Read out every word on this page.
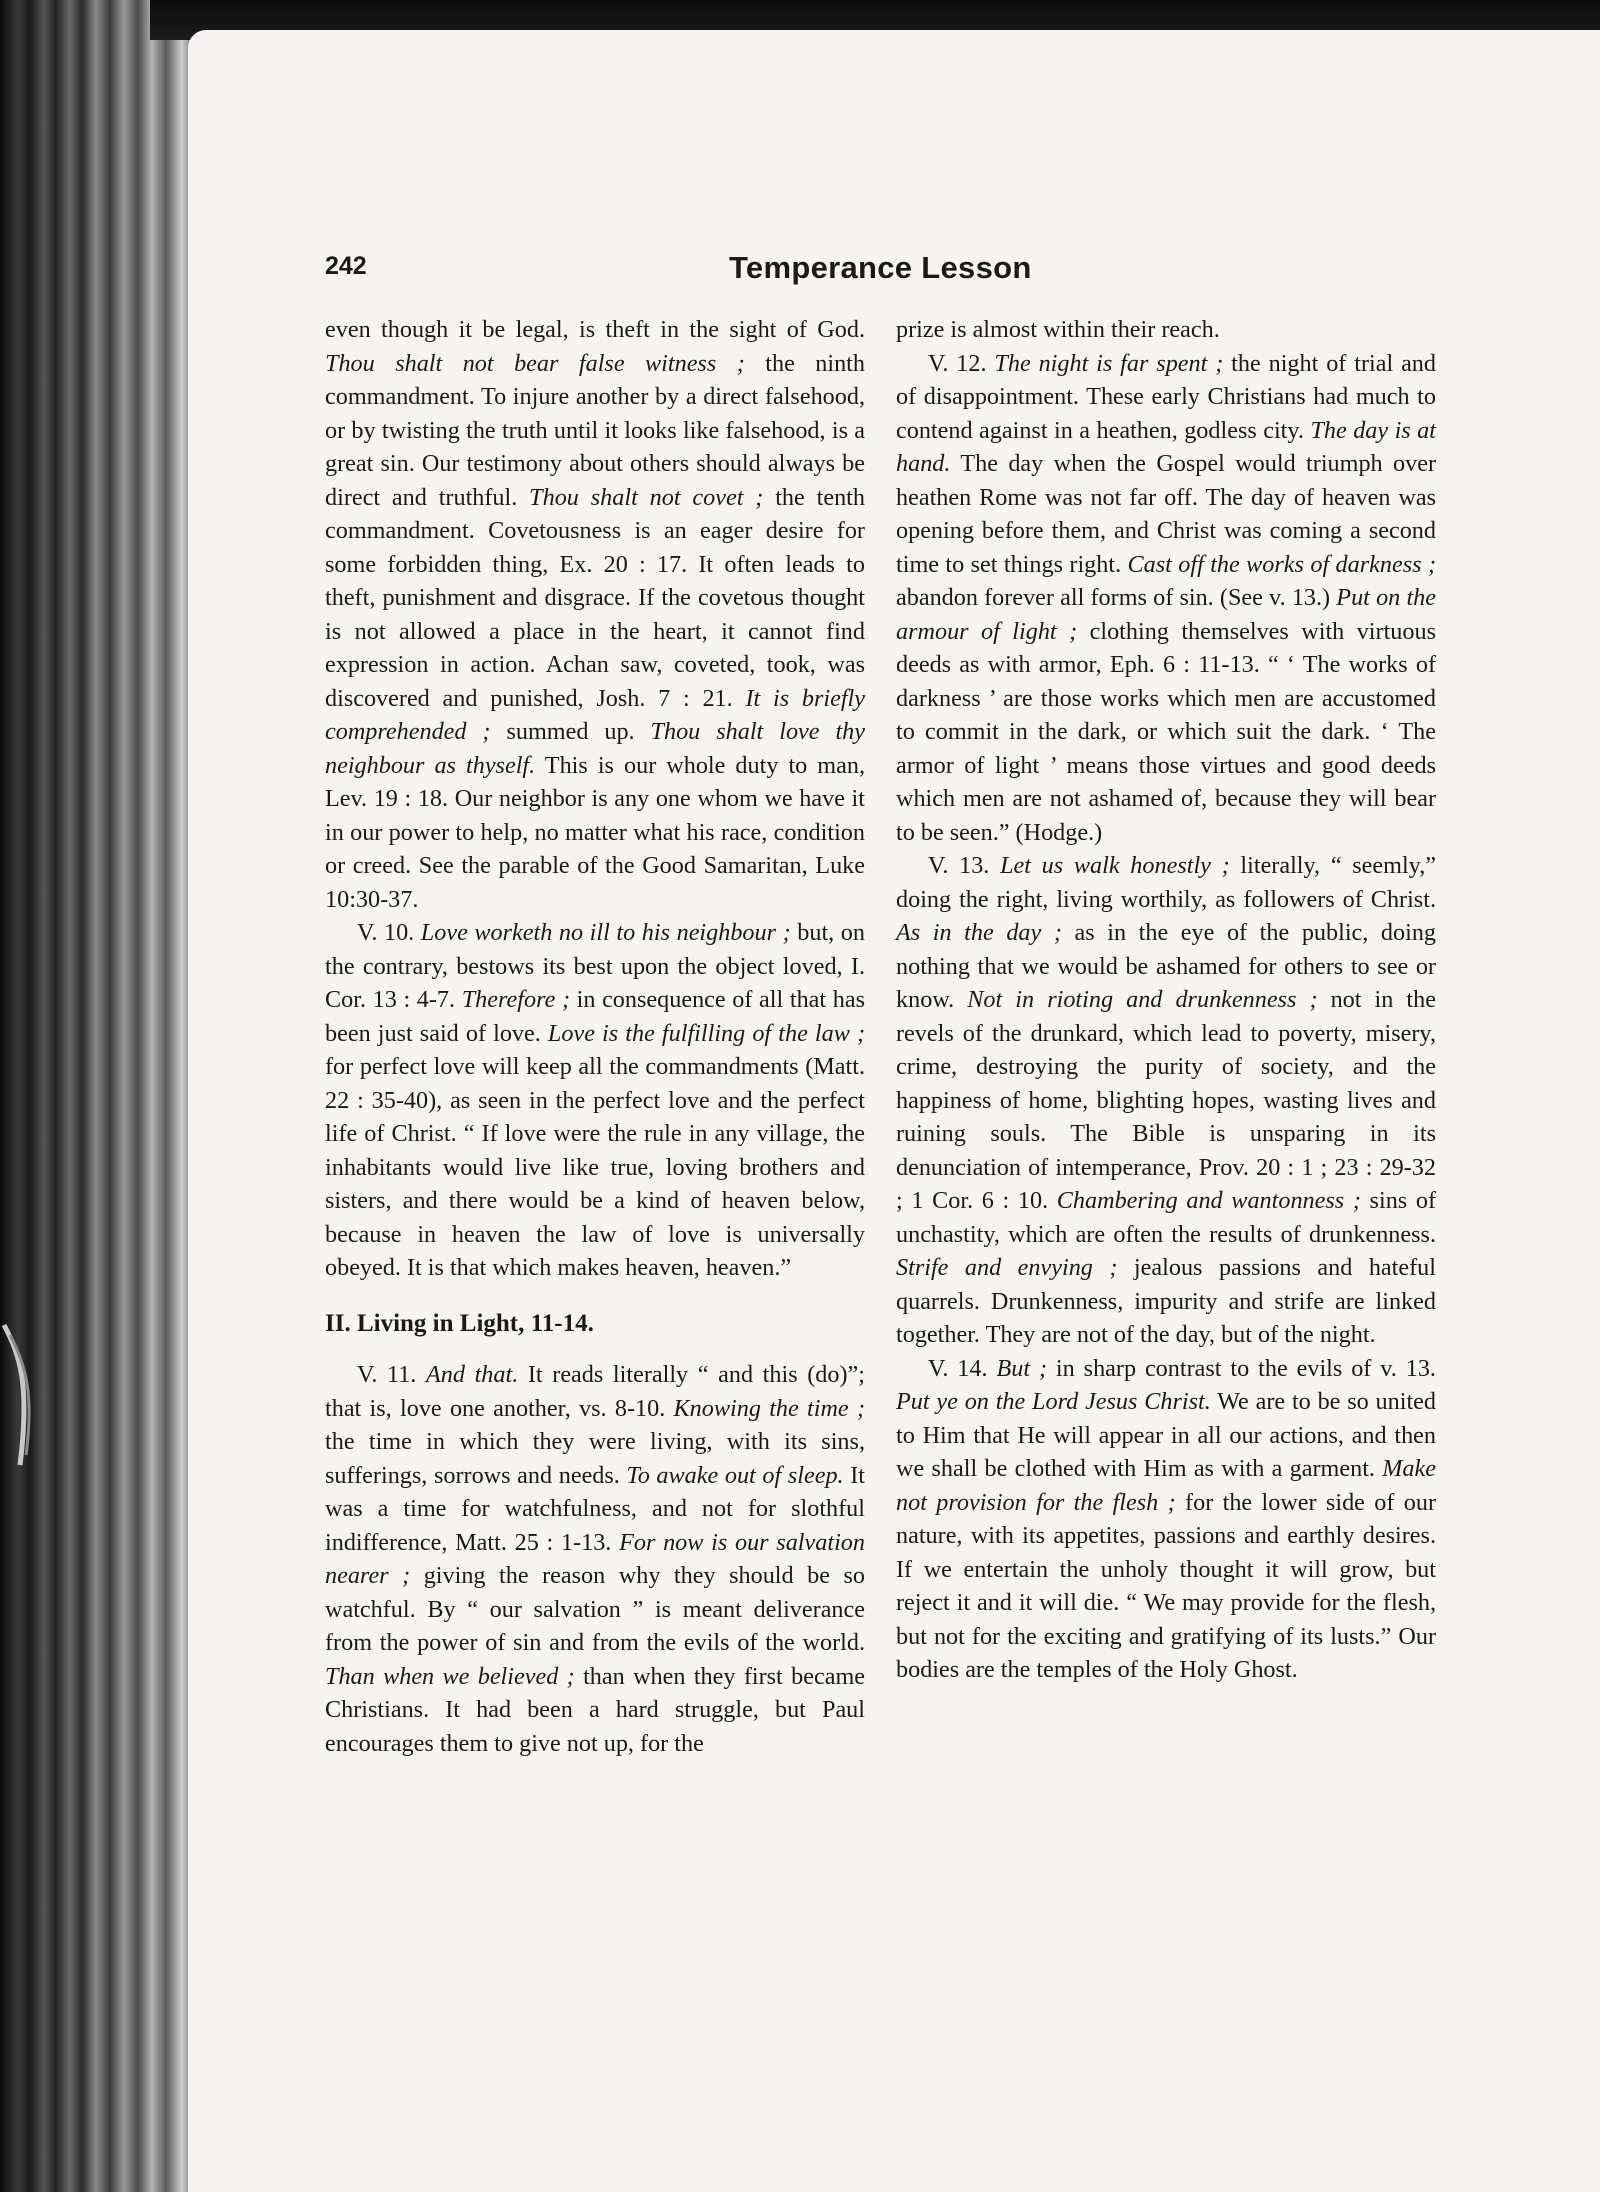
242	Temperance Lesson

even though it be legal, is theft in the sight of God. Thou shalt not bear false witness ; the ninth commandment. To injure another by a direct falsehood, or by twisting the truth until it looks like falsehood, is a great sin. Our testimony about others should always be direct and truthful. Thou shalt not covet ; the tenth commandment. Covetousness is an eager desire for some forbidden thing, Ex. 20 : 17. It often leads to theft, punishment and disgrace. If the covetous thought is not allowed a place in the heart, it cannot find expression in action. Achan saw, coveted, took, was discovered and punished, Josh. 7 : 21. It is briefly comprehended ; summed up. Thou shalt love thy neighbour as thyself. This is our whole duty to man, Lev. 19 : 18. Our neighbor is any one whom we have it in our power to help, no matter what his race, condition or creed. See the parable of the Good Samaritan, Luke 10:30-37.

V. 10. Love worketh no ill to his neighbour ; but, on the contrary, bestows its best upon the object loved, I. Cor. 13 : 4-7. Therefore ; in consequence of all that has been just said of love. Love is the fulfilling of the law ; for perfect love will keep all the commandments (Matt. 22 : 35-40), as seen in the perfect love and the perfect life of Christ. “ If love were the rule in any village, the inhabitants would live like true, loving brothers and sisters, and there would be a kind of heaven below, because in heaven the law of love is universally obeyed. It is that which makes heaven, heaven.”

II. Living in Light, 11-14.

V. 11. And that. It reads literally “ and this (do)”; that is, love one another, vs. 8-10. Knowing the time ; the time in which they were living, with its sins, sufferings, sorrows and needs. To awake out of sleep. It was a time for watchfulness, and not for slothful indifference, Matt. 25 : 1-13. For now is our salvation nearer ; giving the reason why they should be so watchful. By “ our salvation ” is meant deliverance from the power of sin and from the evils of the world. Than when we believed ; than when they first became Christians. It had been a hard struggle, but Paul encourages them to give not up, for the

prize is almost within their reach.

V. 12. The night is far spent ; the night of trial and of disappointment. These early Christians had much to contend against in a heathen, godless city. The day is at hand. The day when the Gospel would triumph over heathen Rome was not far off. The day of heaven was opening before them, and Christ was coming a second time to set things right. Cast off the works of darkness ; abandon forever all forms of sin. (See v. 13.) Put on the armour of light ; clothing themselves with virtuous deeds as with armor, Eph. 6 : 11-13. “ ‘ The works of darkness ’ are those works which men are accustomed to commit in the dark, or which suit the dark. ‘ The armor of light ’ means those virtues and good deeds which men are not ashamed of, because they will bear to be seen.” (Hodge.)

V. 13. Let us walk honestly ; literally, “ seemly,” doing the right, living worthily, as followers of Christ. As in the day ; as in the eye of the public, doing nothing that we would be ashamed for others to see or know. Not in rioting and drunkenness ; not in the revels of the drunkard, which lead to poverty, misery, crime, destroying the purity of society, and the happiness of home, blighting hopes, wasting lives and ruining souls. The Bible is unsparing in its denunciation of intemperance, Prov. 20 : 1 ; 23 : 29-32 ; 1 Cor. 6 : 10. Chambering and wantonness ; sins of unchastity, which are often the results of drunkenness. Strife and envying ; jealous passions and hateful quarrels. Drunkenness, impurity and strife are linked together. They are not of the day, but of the night.

V. 14. But ; in sharp contrast to the evils of v. 13. Put ye on the Lord Jesus Christ. We are to be so united to Him that He will appear in all our actions, and then we shall be clothed with Him as with a garment. Make not provision for the flesh ; for the lower side of our nature, with its appetites, passions and earthly desires. If we entertain the unholy thought it will grow, but reject it and it will die. “ We may provide for the flesh, but not for the exciting and gratifying of its lusts.” Our bodies are the temples of the Holy Ghost.
